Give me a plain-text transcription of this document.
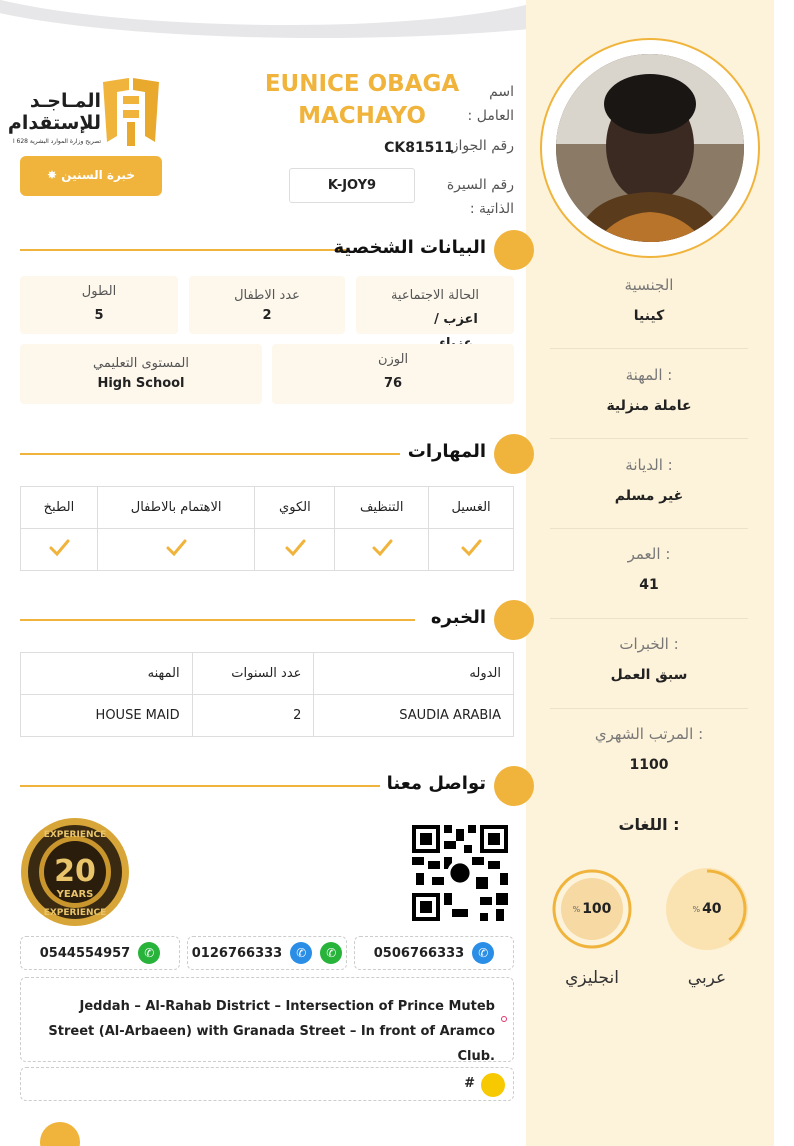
الجنسية
كينيا
المهنة :
عاملة منزلية
الديانة :
غير مسلم
العمر :
41
الخبرات :
سبق العمل
المرتب الشهري :
1100
اللغات :
% 40
عربي
% 100
انجليزي
المـاجـد
للإستقدام
تصريح وزارة الموارد البشرية 628 ا
✸ خبرة السنين
اسم العامل :
EUNICE OBAGA MACHAYO
رقم الجواز
CK81511
رقم السيرة الذاتية :
K-JOY9
البيانات الشخصية
الطول
5
عدد الاطفال
2
الحالة الاجتماعية
اعزب /
المستوى التعليمي
High School
الوزن
76
المهارات
الطبخ	الاهتمام بالاطفال	الكوي	التنظيف	الغسيل

الخبره
المهنه	عدد السنوات	الدوله
HOUSE MAID	2	SAUDIA ARABIA
تواصل معنا
EXPERIENCE
20
YEARS
EXPERIENCE
0506766333	✆
0126766333	✆	✆
0544554957	✆
Jeddah – Al-Rahab District – Intersection of Prince Muteb Street (Al-Arbaeen) with Granada Street – In front of Aramco Club.
#
